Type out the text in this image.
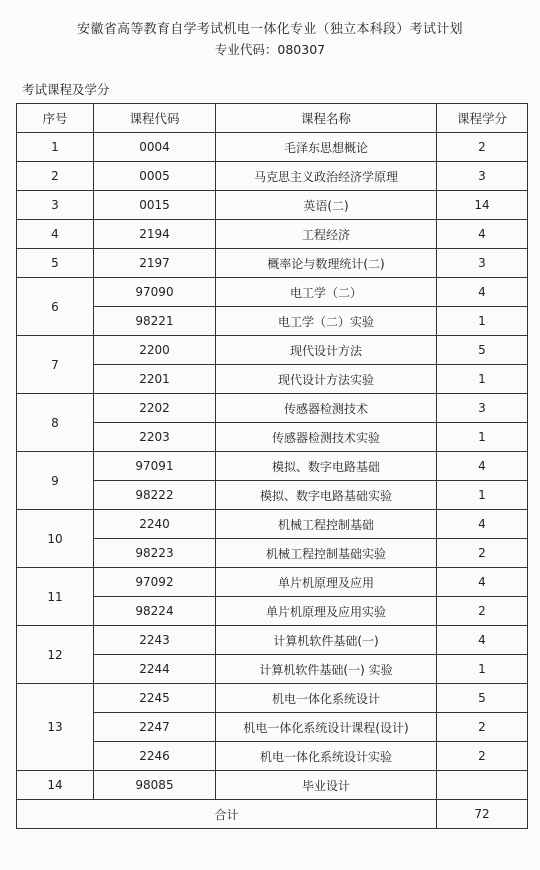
安徽省高等教育自学考试机电一体化专业（独立本科段）考试计划
专业代码：080307
考试课程及学分
序号	课程代码	课程名称	课程学分
1	0004	毛泽东思想概论	2
2	0005	马克思主义政治经济学原理	3
3	0015	英语(二)	14
4	2194	工程经济	4
5	2197	概率论与数理统计(二)	3
6	97090	电工学（二）	4
	98221	电工学（二）实验	1
7	2200	现代设计方法	5
	2201	现代设计方法实验	1
8	2202	传感器检测技术	3
	2203	传感器检测技术实验	1
9	97091	模拟、数字电路基础	4
	98222	模拟、数字电路基础实验	1
10	2240	机械工程控制基础	4
	98223	机械工程控制基础实验	2
11	97092	单片机原理及应用	4
	98224	单片机原理及应用实验	2
12	2243	计算机软件基础(一)	4
	2244	计算机软件基础(一) 实验	1
13	2245	机电一体化系统设计	5
	2247	机电一体化系统设计课程(设计)	2
	2246	机电一体化系统设计实验	2
14	98085	毕业设计	
合计			72
